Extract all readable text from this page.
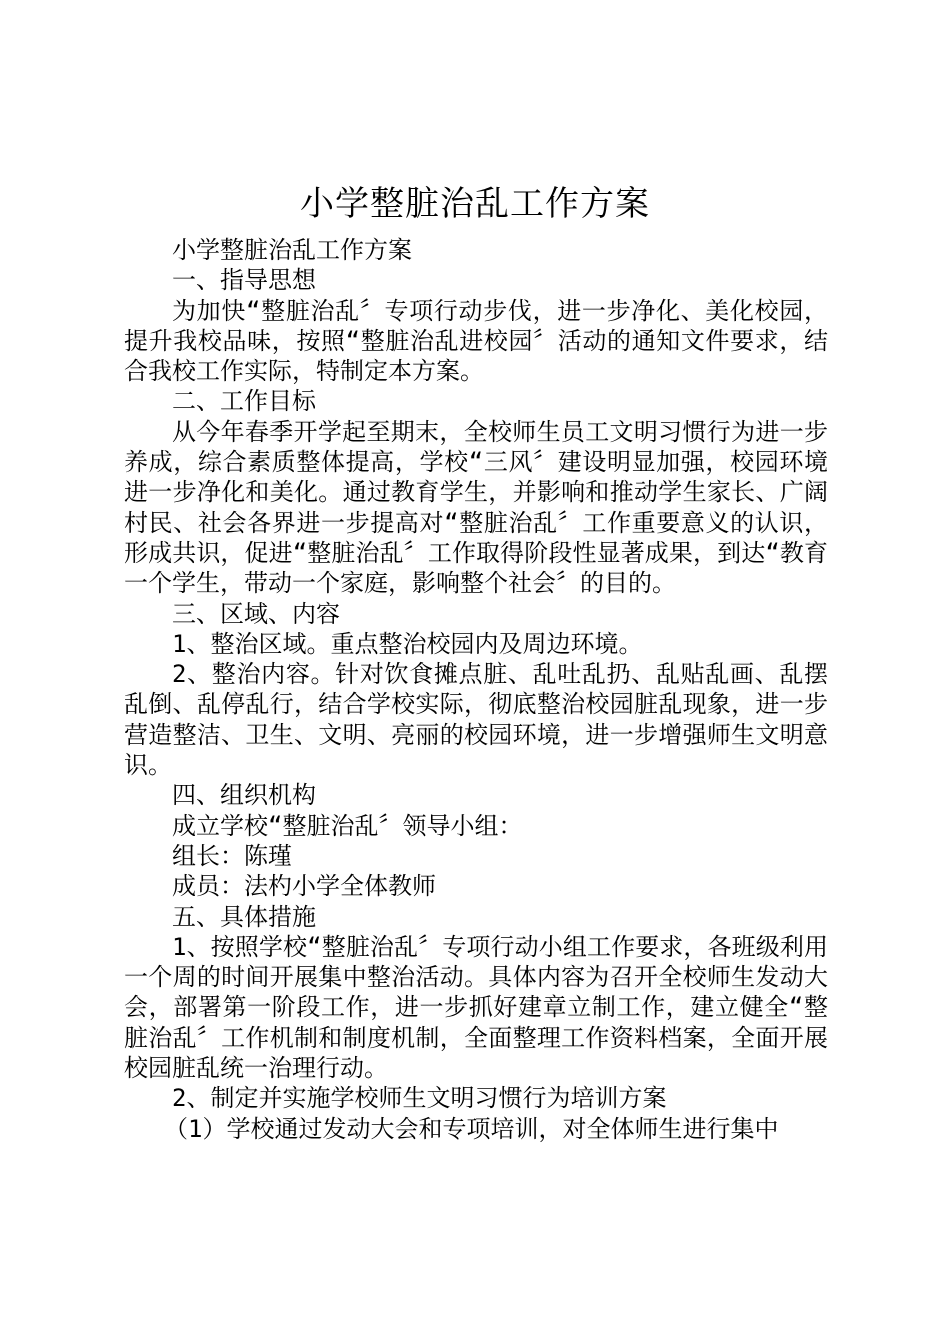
小学整脏治乱工作方案

小学整脏治乱工作方案

一、指导思想

为加快“整脏治乱〞专项行动步伐，进一步净化、美化校园，提升我校品味，按照“整脏治乱进校园〞活动的通知文件要求，结合我校工作实际，特制定本方案。

二、工作目标

从今年春季开学起至期末，全校师生员工文明习惯行为进一步养成，综合素质整体提高，学校“三风〞建设明显加强，校园环境进一步净化和美化。通过教育学生，并影响和推动学生家长、广阔村民、社会各界进一步提高对“整脏治乱〞工作重要意义的认识，形成共识，促进“整脏治乱〞工作取得阶段性显著成果，到达“教育一个学生，带动一个家庭，影响整个社会〞的目的。

三、区域、内容

1、整治区域。重点整治校园内及周边环境。

2、整治内容。针对饮食摊点脏、乱吐乱扔、乱贴乱画、乱摆乱倒、乱停乱行，结合学校实际，彻底整治校园脏乱现象，进一步营造整洁、卫生、文明、亮丽的校园环境，进一步增强师生文明意识。

四、组织机构

成立学校“整脏治乱〞领导小组：

组长：陈瑾

成员：法杓小学全体教师

五、具体措施

1、按照学校“整脏治乱〞专项行动小组工作要求，各班级利用一个周的时间开展集中整治活动。具体内容为召开全校师生发动大会，部署第一阶段工作，进一步抓好建章立制工作，建立健全“整脏治乱〞工作机制和制度机制，全面整理工作资料档案，全面开展校园脏乱统一治理行动。

2、制定并实施学校师生文明习惯行为培训方案

（1）学校通过发动大会和专项培训，对全体师生进行集中
